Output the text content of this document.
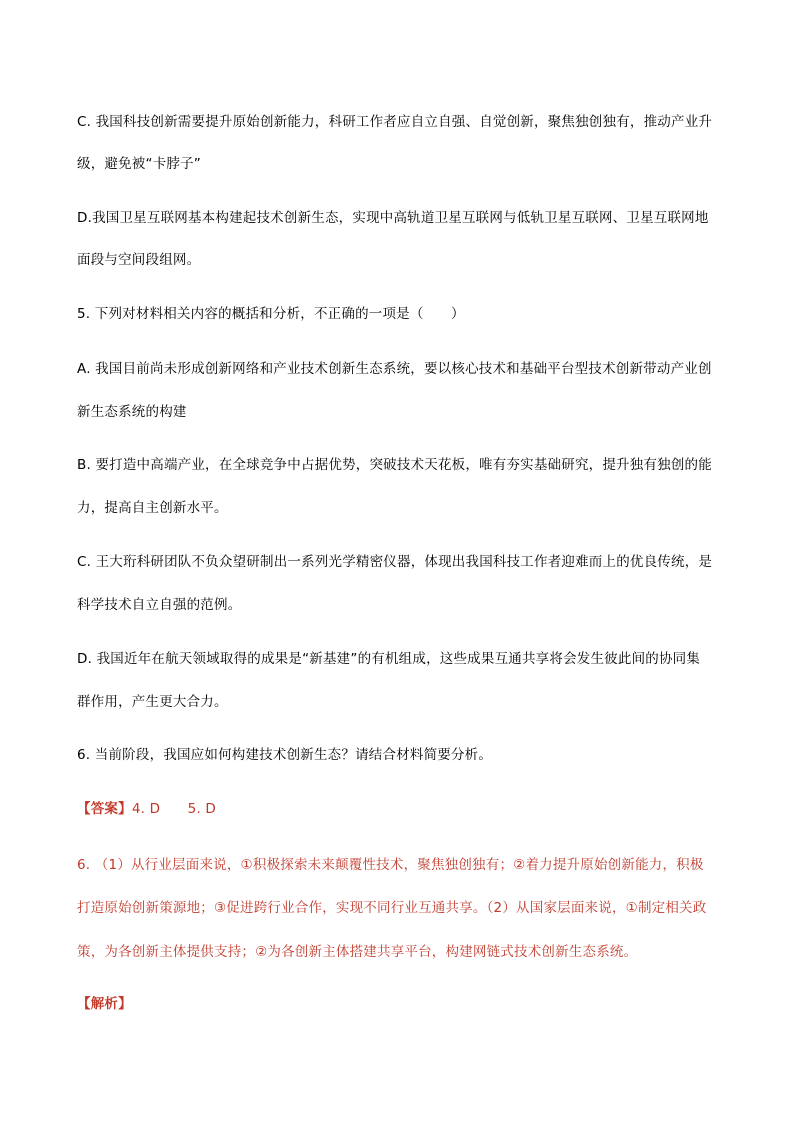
C. 我国科技创新需要提升原始创新能力，科研工作者应自立自强、自觉创新，聚焦独创独有，推动产业升
级，避免被“卡脖子”
D.我国卫星互联网基本构建起技术创新生态，实现中高轨道卫星互联网与低轨卫星互联网、卫星互联网地
面段与空间段组网。
5. 下列对材料相关内容的概括和分析，不正确的一项是（　　）
A. 我国目前尚未形成创新网络和产业技术创新生态系统，要以核心技术和基础平台型技术创新带动产业创
新生态系统的构建
B. 要打造中高端产业，在全球竞争中占据优势，突破技术天花板，唯有夯实基础研究，提升独有独创的能
力，提高自主创新水平。
C. 王大珩科研团队不负众望研制出一系列光学精密仪器，体现出我国科技工作者迎难而上的优良传统，是
科学技术自立自强的范例。
D. 我国近年在航天领域取得的成果是“新基建”的有机组成，这些成果互通共享将会发生彼此间的协同集
群作用，产生更大合力。
6. 当前阶段，我国应如何构建技术创新生态？请结合材料简要分析。
【答案】4. D　　5. D
6. （1）从行业层面来说，①积极探索未来颠覆性技术，聚焦独创独有；②着力提升原始创新能力，积极
打造原始创新策源地；③促进跨行业合作，实现不同行业互通共享。（2）从国家层面来说，①制定相关政
策，为各创新主体提供支持；②为各创新主体搭建共享平台，构建网链式技术创新生态系统。
【解析】
